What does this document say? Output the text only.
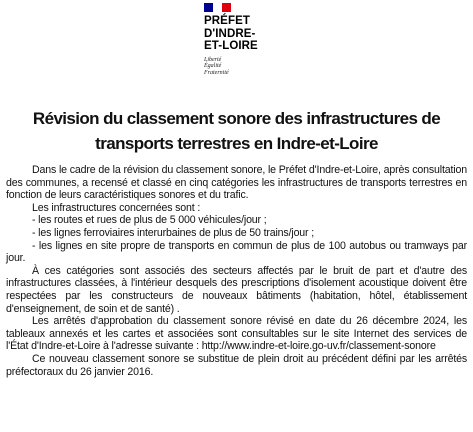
PRÉFET
D'INDRE-
ET-LOIRE
Liberté
Égalité
Fraternité
Révision du classement sonore des infrastructures de
transports terrestres en Indre-et-Loire

Dans le cadre de la révision du classement sonore, le Préfet d'Indre-et-Loire, après consultation des communes, a recensé et classé en cinq catégories les infrastructures de transports terrestres en fonction de leurs caractéristiques sonores et du trafic.

Les infrastructures concernées sont :

- les routes et rues de plus de 5 000 véhicules/jour ;

- les lignes ferroviaires interurbaines de plus de 50 trains/jour ;

- les lignes en site propre de transports en commun de plus de 100 autobus ou tramways par jour.

À ces catégories sont associés des secteurs affectés par le bruit de part et d'autre des infrastructures classées, à l'intérieur desquels des prescriptions d'isolement acoustique doivent être respectées par les constructeurs de nouveaux bâtiments (habitation, hôtel, établissement d'enseignement, de soin et de santé) .

Les arrêtés d'approbation du classement sonore révisé en date du 26 décembre 2024, les tableaux annexés et les cartes et associées sont consultables sur le site Internet des services de l'État d'Indre-et-Loire à l'adresse suivante : http://www.indre-et-loire.go-uv.fr/classement-sonore

Ce nouveau classement sonore se substitue de plein droit au précédent défini par les arrêtés préfectoraux du 26 janvier 2016.
